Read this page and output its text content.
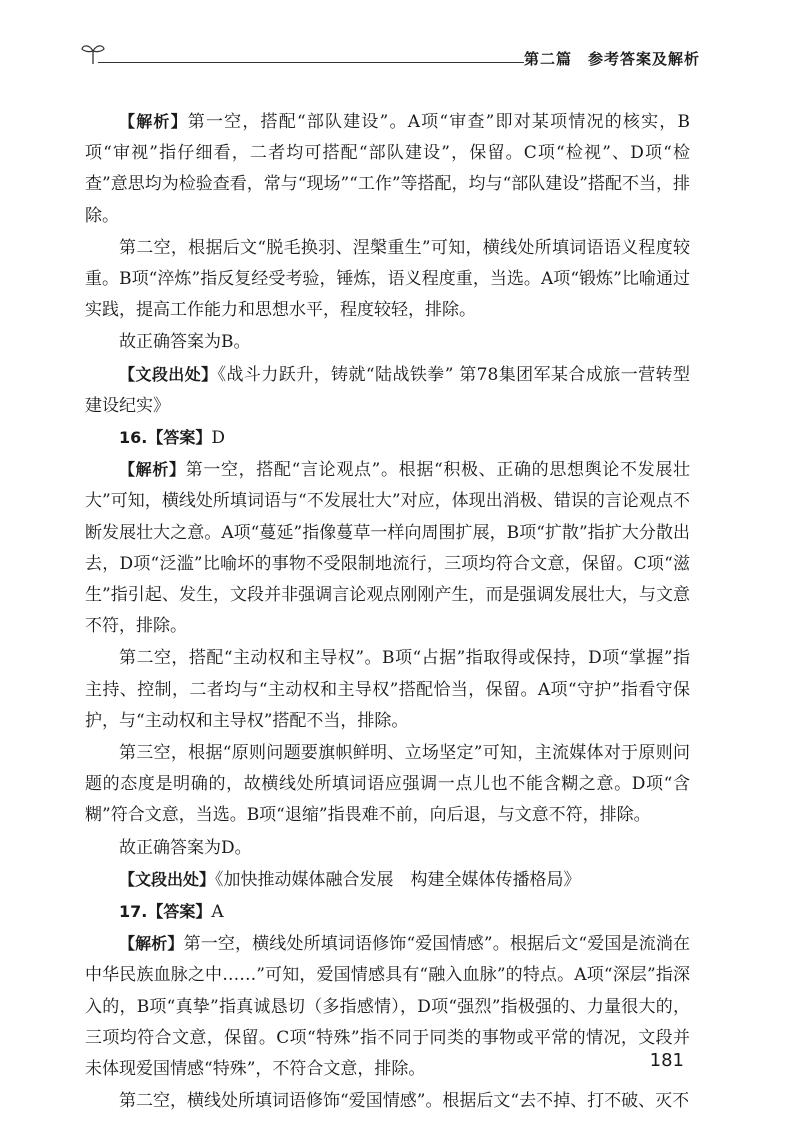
第二篇　参考答案及解析

【解析】第一空，搭配“部队建设”。A项“审查”即对某项情况的核实，B项“审视”指仔细看，二者均可搭配“部队建设”，保留。C项“检视”、D项“检查”意思均为检验查看，常与“现场”“工作”等搭配，均与“部队建设”搭配不当，排除。

第二空，根据后文“脱毛换羽、涅槃重生”可知，横线处所填词语语义程度较重。B项“淬炼”指反复经受考验，锤炼，语义程度重，当选。A项“锻炼”比喻通过实践，提高工作能力和思想水平，程度较轻，排除。

故正确答案为B。

【文段出处】《战斗力跃升，铸就“陆战铁拳” 第78集团军某合成旅一营转型建设纪实》

16.【答案】D

【解析】第一空，搭配“言论观点”。根据“积极、正确的思想舆论不发展壮大”可知，横线处所填词语与“不发展壮大”对应，体现出消极、错误的言论观点不断发展壮大之意。A项“蔓延”指像蔓草一样向周围扩展，B项“扩散”指扩大分散出去，D项“泛滥”比喻坏的事物不受限制地流行，三项均符合文意，保留。C项“滋生”指引起、发生，文段并非强调言论观点刚刚产生，而是强调发展壮大，与文意不符，排除。

第二空，搭配“主动权和主导权”。B项“占据”指取得或保持，D项“掌握”指主持、控制，二者均与“主动权和主导权”搭配恰当，保留。A项“守护”指看守保护，与“主动权和主导权”搭配不当，排除。

第三空，根据“原则问题要旗帜鲜明、立场坚定”可知，主流媒体对于原则问题的态度是明确的，故横线处所填词语应强调一点儿也不能含糊之意。D项“含糊”符合文意，当选。B项“退缩”指畏难不前，向后退，与文意不符，排除。

故正确答案为D。

【文段出处】《加快推动媒体融合发展　构建全媒体传播格局》

17.【答案】A

【解析】第一空，横线处所填词语修饰“爱国情感”。根据后文“爱国是流淌在中华民族血脉之中……”可知，爱国情感具有“融入血脉”的特点。A项“深层”指深入的，B项“真挚”指真诚恳切（多指感情），D项“强烈”指极强的、力量很大的，三项均符合文意，保留。C项“特殊”指不同于同类的事物或平常的情况，文段并未体现爱国情感“特殊”，不符合文意，排除。

第二空，横线处所填词语修饰“爱国情感”。根据后文“去不掉、打不破、灭不

181
